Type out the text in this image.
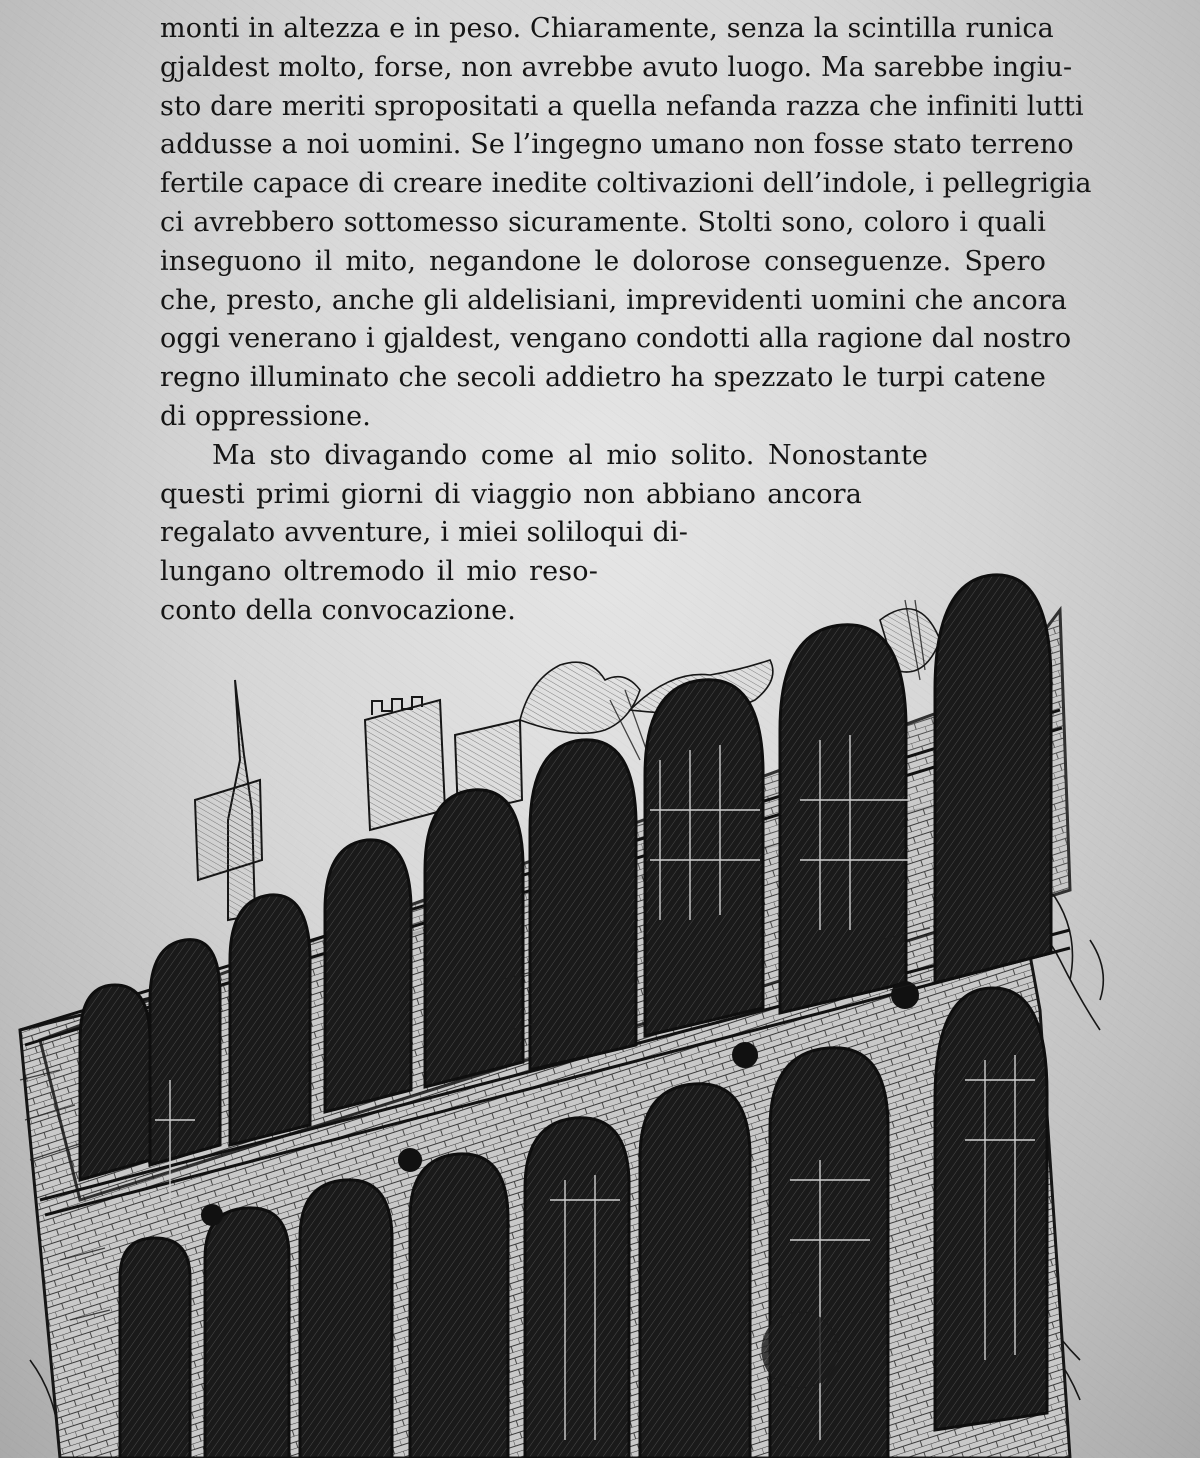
monti in altezza e in peso. Chiaramente, senza la scintilla runica
gjaldest molto, forse, non avrebbe avuto luogo. Ma sarebbe ingiu-
sto dare meriti spropositati a quella nefanda razza che infiniti lutti
addusse a noi uomini. Se l’ingegno umano non fosse stato terreno
fertile capace di creare inedite coltivazioni dell’indole, i pellegrigia
ci avrebbero sottomesso sicuramente. Stolti sono, coloro i quali
inseguono il mito, negandone le dolorose conseguenze. Spero
che, presto, anche gli aldelisiani, imprevidenti uomini che ancora
oggi venerano i gjaldest, vengano condotti alla ragione dal nostro
regno illuminato che secoli addietro ha spezzato le turpi catene
di oppressione.
Ma sto divagando come al mio solito. Nonostante
questi primi giorni di viaggio non abbiano ancora
regalato avventure, i miei soliloqui di-
lungano oltremodo il mio reso-
conto della convocazione.
